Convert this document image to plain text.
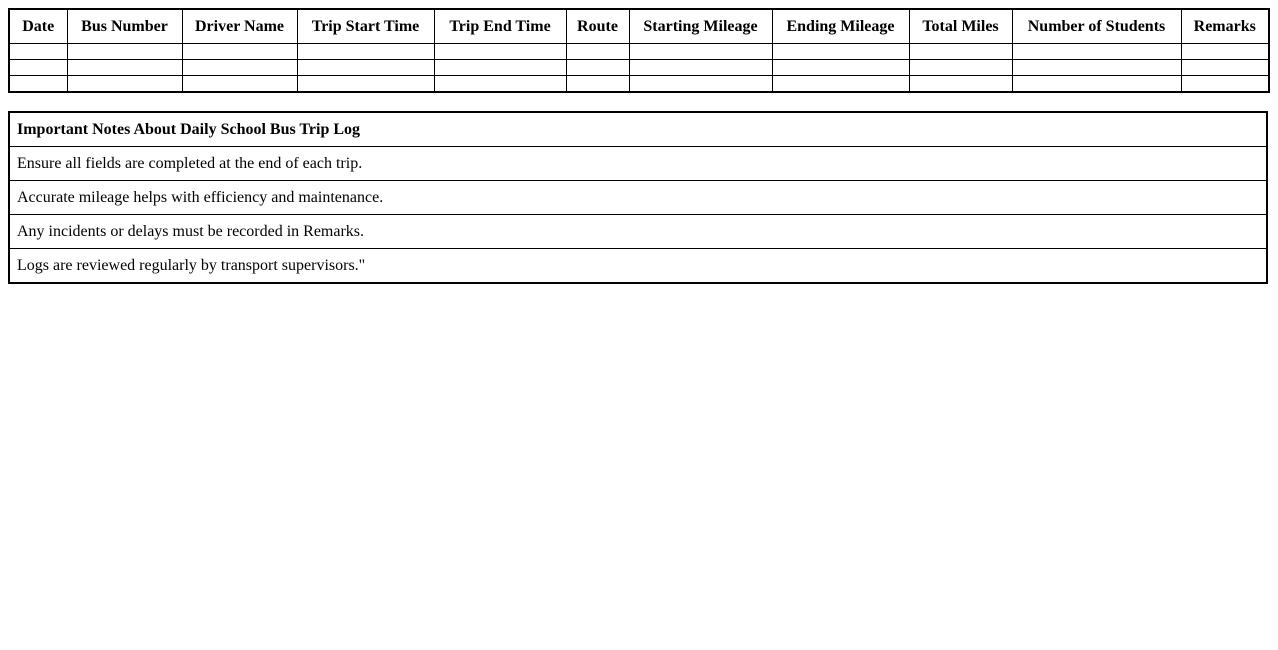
Date	Bus Number	Driver Name	Trip Start Time	Trip End Time	Route	Starting Mileage	Ending Mileage	Total Miles	Number of Students	Remarks

Important Notes About Daily School Bus Trip Log
Ensure all fields are completed at the end of each trip.
Accurate mileage helps with efficiency and maintenance.
Any incidents or delays must be recorded in Remarks.
Logs are reviewed regularly by transport supervisors."
